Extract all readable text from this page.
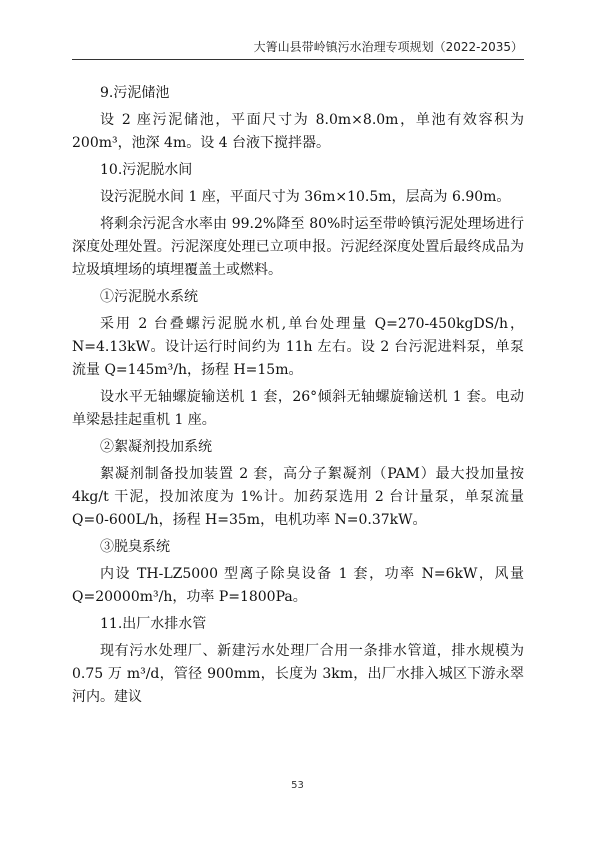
大箐山县带岭镇污水治理专项规划（2022-2035）

9.污泥储池

设 2 座污泥储池，平面尺寸为 8.0m×8.0m，单池有效容积为 200m³，池深 4m。设 4 台液下搅拌器。

10.污泥脱水间

设污泥脱水间 1 座，平面尺寸为 36m×10.5m，层高为 6.90m。

将剩余污泥含水率由 99.2%降至 80%时运至带岭镇污泥处理场进行深度处理处置。污泥深度处理已立项申报。污泥经深度处置后最终成品为垃圾填埋场的填埋覆盖土或燃料。

①污泥脱水系统

采用 2 台叠螺污泥脱水机,单台处理量 Q=270-450kgDS/h，N=4.13kW。设计运行时间约为 11h 左右。设 2 台污泥进料泵，单泵流量 Q=145m³/h，扬程 H=15m。

设水平无轴螺旋输送机 1 套，26°倾斜无轴螺旋输送机 1 套。电动单梁悬挂起重机 1 座。

②絮凝剂投加系统

絮凝剂制备投加装置 2 套，高分子絮凝剂（PAM）最大投加量按 4kg/t 干泥，投加浓度为 1%计。加药泵选用 2 台计量泵，单泵流量 Q=0-600L/h，扬程 H=35m，电机功率 N=0.37kW。

③脱臭系统

内设 TH-LZ5000 型离子除臭设备 1 套，功率 N=6kW，风量 Q=20000m³/h，功率 P=1800Pa。

11.出厂水排水管

现有污水处理厂、新建污水处理厂合用一条排水管道，排水规模为 0.75 万 m³/d，管径 900mm，长度为 3km，出厂水排入城区下游永翠河内。建议

53
